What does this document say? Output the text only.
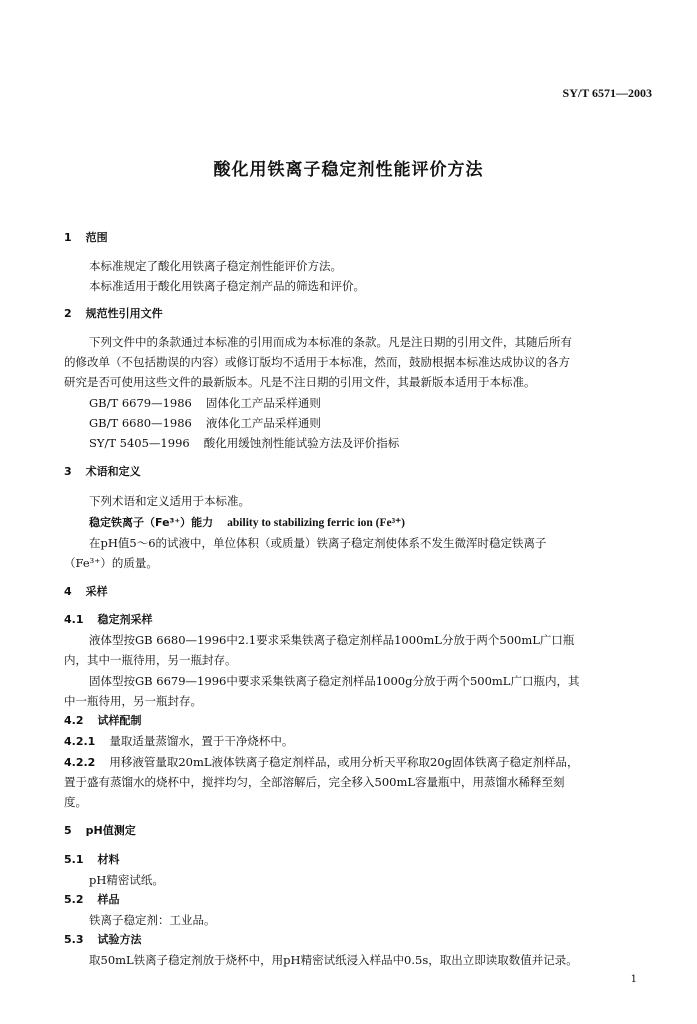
SY/T 6571—2003
酸化用铁离子稳定剂性能评价方法
1 范围
本标准规定了酸化用铁离子稳定剂性能评价方法。
本标准适用于酸化用铁离子稳定剂产品的筛选和评价。
2 规范性引用文件
下列文件中的条款通过本标准的引用而成为本标准的条款。凡是注日期的引用文件，其随后所有
的修改单（不包括勘误的内容）或修订版均不适用于本标准，然而，鼓励根据本标准达成协议的各方
研究是否可使用这些文件的最新版本。凡是不注日期的引用文件，其最新版本适用于本标准。
GB/T 6679—1986 固体化工产品采样通则
GB/T 6680—1986 液体化工产品采样通则
SY/T 5405—1996 酸化用缓蚀剂性能试验方法及评价指标
3 术语和定义
下列术语和定义适用于本标准。
稳定铁离子（Fe³⁺）能力 ability to stabilizing ferric ion (Fe³⁺)
在pH值5～6的试液中，单位体积（或质量）铁离子稳定剂使体系不发生微浑时稳定铁离子
（Fe³⁺）的质量。
4 采样
4.1 稳定剂采样
液体型按GB 6680—1996中2.1要求采集铁离子稳定剂样品1000mL分放于两个500mL广口瓶
内，其中一瓶待用，另一瓶封存。
固体型按GB 6679—1996中要求采集铁离子稳定剂样品1000g分放于两个500mL广口瓶内，其
中一瓶待用，另一瓶封存。
4.2 试样配制
4.2.1 量取适量蒸馏水，置于干净烧杯中。
4.2.2 用移液管量取20mL液体铁离子稳定剂样品，或用分析天平称取20g固体铁离子稳定剂样品，
置于盛有蒸馏水的烧杯中，搅拌均匀，全部溶解后，完全移入500mL容量瓶中，用蒸馏水稀释至刻
度。
5 pH值测定
5.1 材料
pH精密试纸。
5.2 样品
铁离子稳定剂：工业品。
5.3 试验方法
取50mL铁离子稳定剂放于烧杯中，用pH精密试纸浸入样品中0.5s，取出立即读取数值并记录。
1
